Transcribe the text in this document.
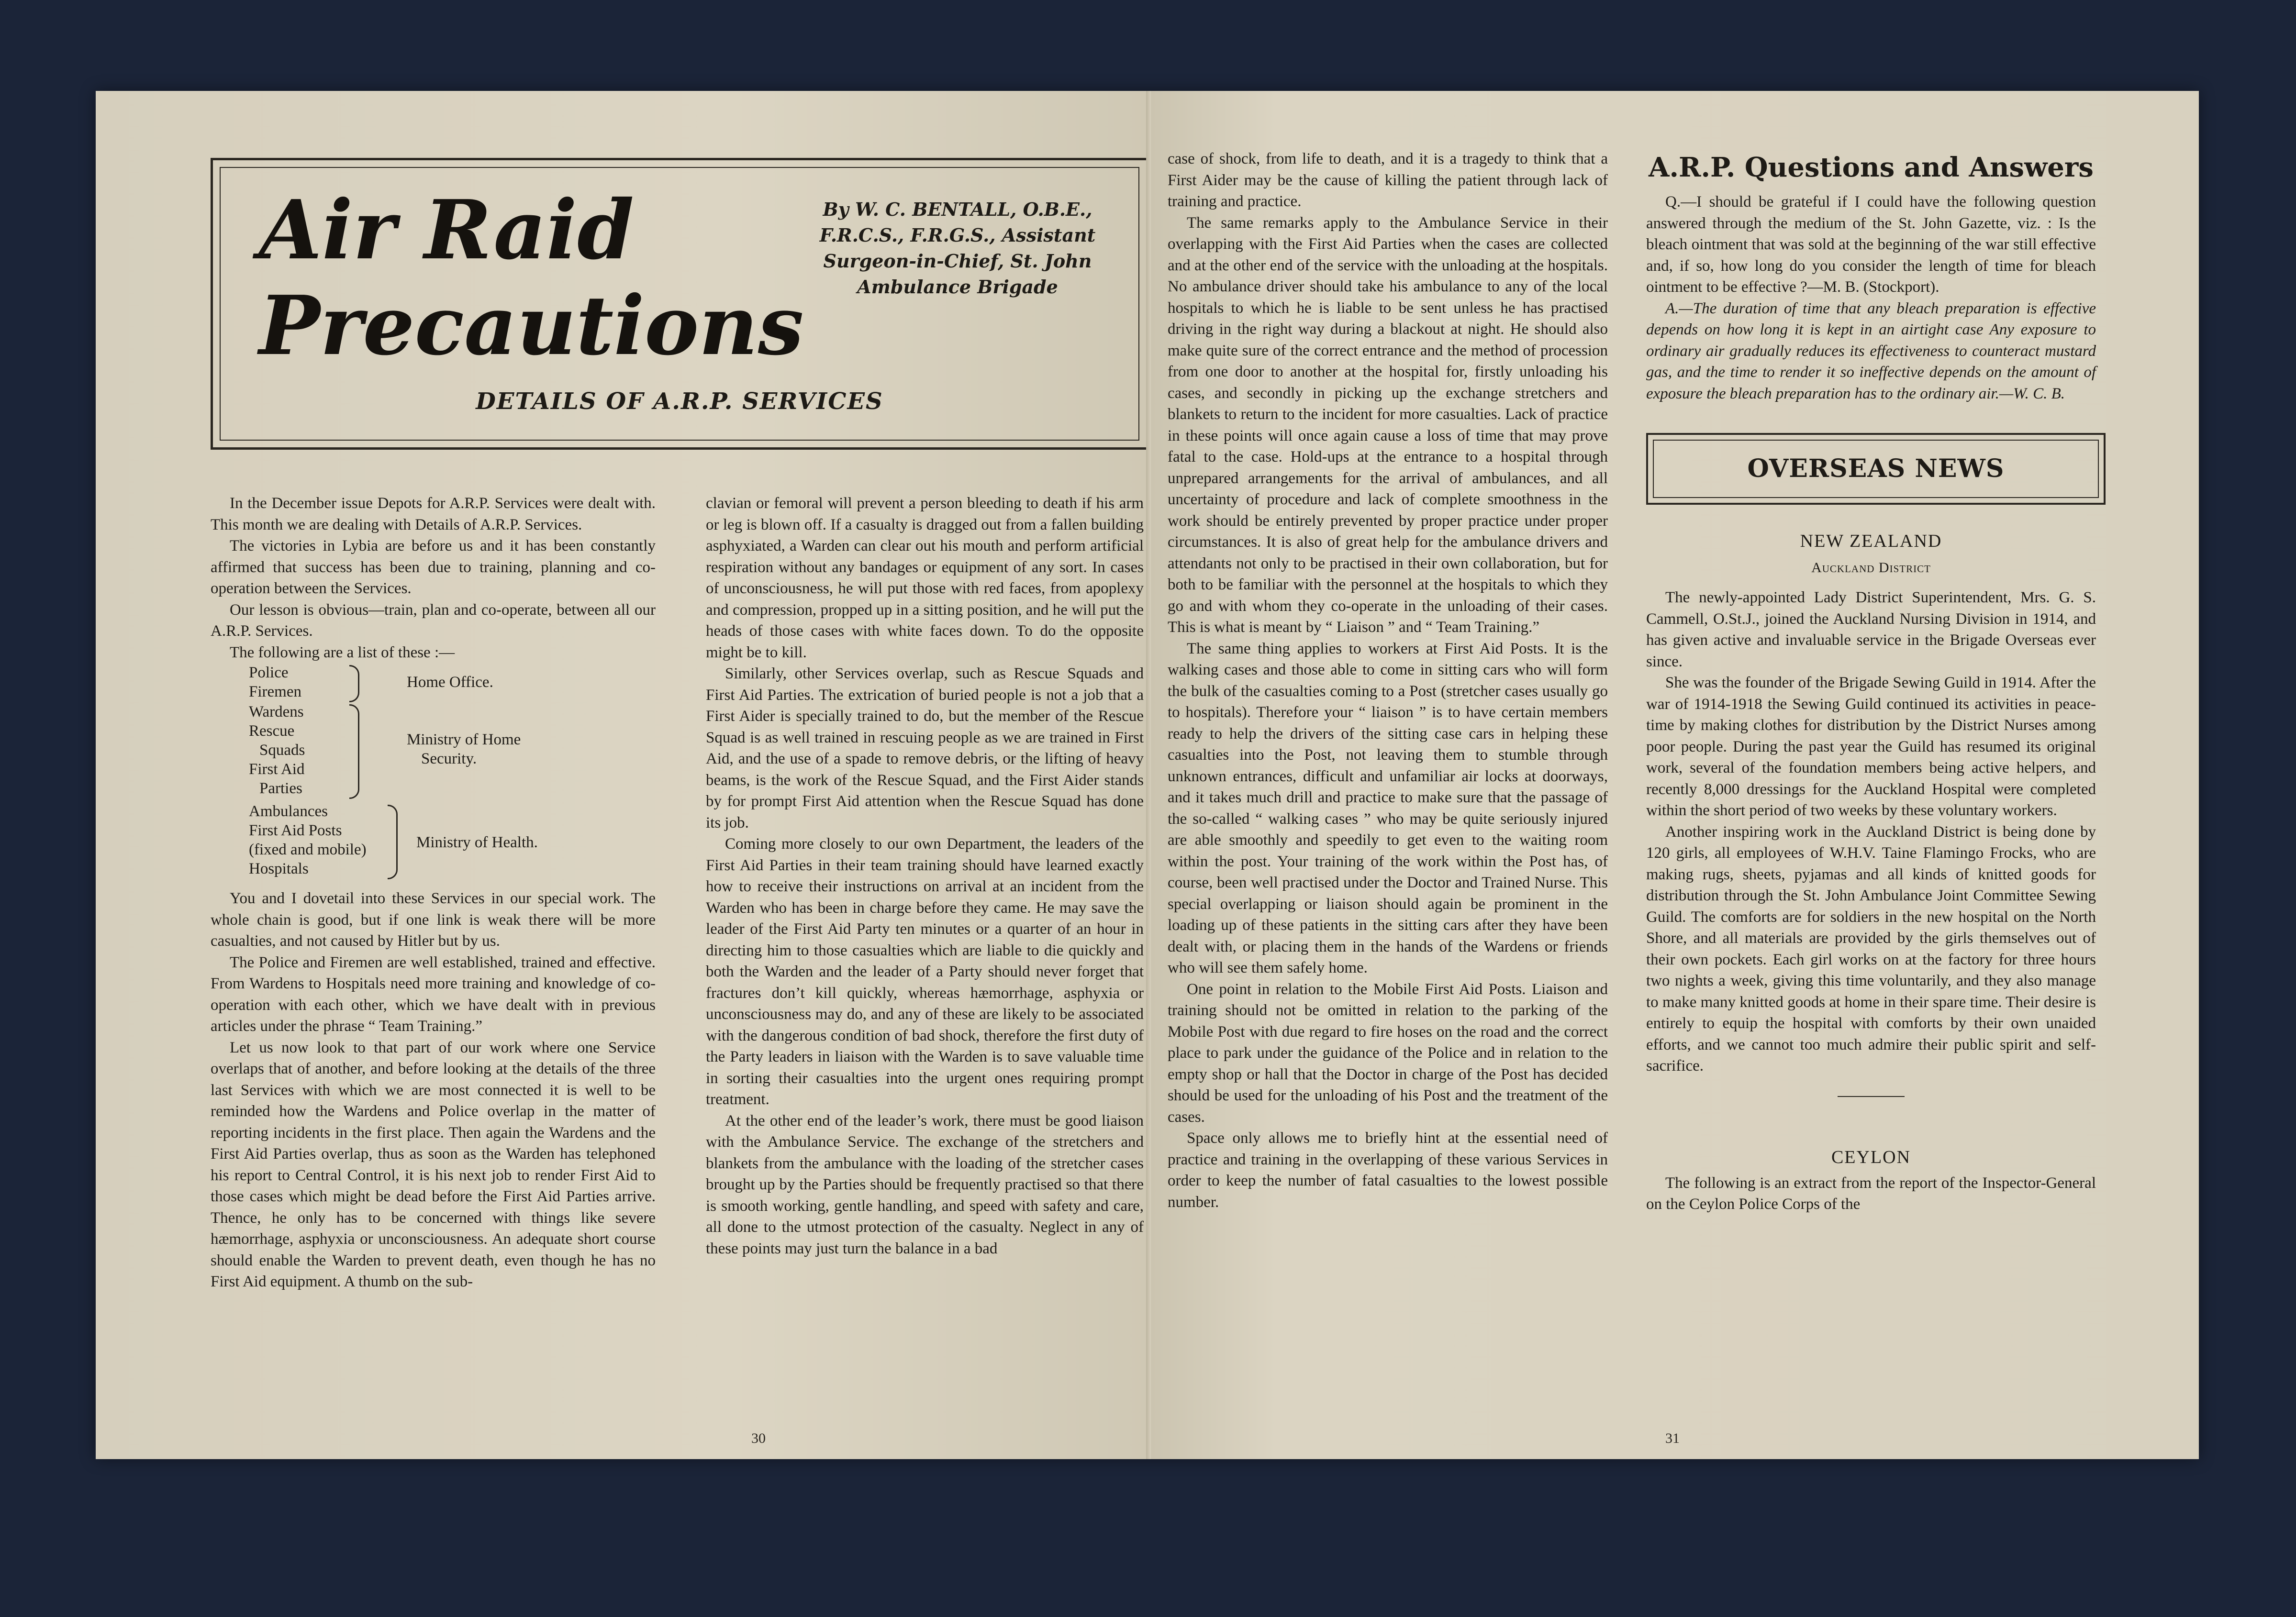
Air Raid
Precautions

By W. C. BENTALL, O.B.E., F.R.C.S., F.R.G.S., Assistant Surgeon-in-Chief, St. John Ambulance Brigade

DETAILS OF A.R.P. SERVICES

In the December issue Depots for A.R.P. Services were dealt with. This month we are dealing with Details of A.R.P. Services.

The victories in Lybia are before us and it has been constantly affirmed that success has been due to training, planning and co-operation between the Services.

Our lesson is obvious—train, plan and co-operate, between all our A.R.P. Services.

The following are a list of these :—

Police
Firemen
Home Office.
Wardens
Rescue
Squads
First Aid
Parties
Ministry of Home
Security.
Ambulances
First Aid Posts
(fixed and mobile)
Hospitals
Ministry of Health.

You and I dovetail into these Services in our special work. The whole chain is good, but if one link is weak there will be more casualties, and not caused by Hitler but by us.

The Police and Firemen are well established, trained and effective. From Wardens to Hospitals need more training and knowledge of co-operation with each other, which we have dealt with in previous articles under the phrase “ Team Training.”

Let us now look to that part of our work where one Service overlaps that of another, and before looking at the details of the three last Services with which we are most connected it is well to be reminded how the Wardens and Police overlap in the matter of reporting incidents in the first place. Then again the Wardens and the First Aid Parties overlap, thus as soon as the Warden has telephoned his report to Central Control, it is his next job to render First Aid to those cases which might be dead before the First Aid Parties arrive. Thence, he only has to be concerned with things like severe hæmorrhage, asphyxia or unconsciousness. An adequate short course should enable the Warden to prevent death, even though he has no First Aid equipment. A thumb on the sub-

clavian or femoral will prevent a person bleeding to death if his arm or leg is blown off. If a casualty is dragged out from a fallen building asphyxiated, a Warden can clear out his mouth and perform artificial respiration without any bandages or equipment of any sort. In cases of unconsciousness, he will put those with red faces, from apoplexy and compression, propped up in a sitting position, and he will put the heads of those cases with white faces down. To do the opposite might be to kill.

Similarly, other Services overlap, such as Rescue Squads and First Aid Parties. The extrication of buried people is not a job that a First Aider is specially trained to do, but the member of the Rescue Squad is as well trained in rescuing people as we are trained in First Aid, and the use of a spade to remove debris, or the lifting of heavy beams, is the work of the Rescue Squad, and the First Aider stands by for prompt First Aid attention when the Rescue Squad has done its job.

Coming more closely to our own Department, the leaders of the First Aid Parties in their team training should have learned exactly how to receive their instructions on arrival at an incident from the Warden who has been in charge before they came. He may save the leader of the First Aid Party ten minutes or a quarter of an hour in directing him to those casualties which are liable to die quickly and both the Warden and the leader of a Party should never forget that fractures don’t kill quickly, whereas hæmorrhage, asphyxia or unconsciousness may do, and any of these are likely to be associated with the dangerous condition of bad shock, therefore the first duty of the Party leaders in liaison with the Warden is to save valuable time in sorting their casualties into the urgent ones requiring prompt treatment.

At the other end of the leader’s work, there must be good liaison with the Ambulance Service. The exchange of the stretchers and blankets from the ambulance with the loading of the stretcher cases brought up by the Parties should be frequently practised so that there is smooth working, gentle handling, and speed with safety and care, all done to the utmost protection of the casualty. Neglect in any of these points may just turn the balance in a bad

30

case of shock, from life to death, and it is a tragedy to think that a First Aider may be the cause of killing the patient through lack of training and practice.

The same remarks apply to the Ambulance Service in their overlapping with the First Aid Parties when the cases are collected and at the other end of the service with the unloading at the hospitals. No ambulance driver should take his ambulance to any of the local hospitals to which he is liable to be sent unless he has practised driving in the right way during a blackout at night. He should also make quite sure of the correct entrance and the method of procession from one door to another at the hospital for, firstly unloading his cases, and secondly in picking up the exchange stretchers and blankets to return to the incident for more casualties. Lack of practice in these points will once again cause a loss of time that may prove fatal to the case. Hold-ups at the entrance to a hospital through unprepared arrangements for the arrival of ambulances, and all uncertainty of procedure and lack of complete smoothness in the work should be entirely prevented by proper practice under proper circumstances. It is also of great help for the ambulance drivers and attendants not only to be practised in their own collaboration, but for both to be familiar with the personnel at the hospitals to which they go and with whom they co-operate in the unloading of their cases. This is what is meant by “ Liaison ” and “ Team Training.”

The same thing applies to workers at First Aid Posts. It is the walking cases and those able to come in sitting cars who will form the bulk of the casualties coming to a Post (stretcher cases usually go to hospitals). Therefore your “ liaison ” is to have certain members ready to help the drivers of the sitting case cars in helping these casualties into the Post, not leaving them to stumble through unknown entrances, difficult and unfamiliar air locks at doorways, and it takes much drill and practice to make sure that the passage of the so-called “ walking cases ” who may be quite seriously injured are able smoothly and speedily to get even to the waiting room within the post. Your training of the work within the Post has, of course, been well practised under the Doctor and Trained Nurse. This special overlapping or liaison should again be prominent in the loading up of these patients in the sitting cars after they have been dealt with, or placing them in the hands of the Wardens or friends who will see them safely home.

One point in relation to the Mobile First Aid Posts. Liaison and training should not be omitted in relation to the parking of the Mobile Post with due regard to fire hoses on the road and the correct place to park under the guidance of the Police and in relation to the empty shop or hall that the Doctor in charge of the Post has decided should be used for the unloading of his Post and the treatment of the cases.

Space only allows me to briefly hint at the essential need of practice and training in the overlapping of these various Services in order to keep the number of fatal casualties to the lowest possible number.

A.R.P. Questions and Answers

Q.—I should be grateful if I could have the following question answered through the medium of the St. John Gazette, viz. : Is the bleach ointment that was sold at the beginning of the war still effective and, if so, how long do you consider the length of time for bleach ointment to be effective ?—M. B. (Stockport).

A.—The duration of time that any bleach preparation is effective depends on how long it is kept in an airtight case Any exposure to ordinary air gradually reduces its effectiveness to counteract mustard gas, and the time to render it so ineffective depends on the amount of exposure the bleach preparation has to the ordinary air.—W. C. B.

OVERSEAS NEWS
NEW ZEALAND
Auckland District

The newly-appointed Lady District Superintendent, Mrs. G. S. Cammell, O.St.J., joined the Auckland Nursing Division in 1914, and has given active and invaluable service in the Brigade Overseas ever since.

She was the founder of the Brigade Sewing Guild in 1914. After the war of 1914-1918 the Sewing Guild continued its activities in peace-time by making clothes for distribution by the District Nurses among poor people. During the past year the Guild has resumed its original work, several of the foundation members being active helpers, and recently 8,000 dressings for the Auckland Hospital were completed within the short period of two weeks by these voluntary workers.

Another inspiring work in the Auckland District is being done by 120 girls, all employees of W.H.V. Taine Flamingo Frocks, who are making rugs, sheets, pyjamas and all kinds of knitted goods for distribution through the St. John Ambulance Joint Committee Sewing Guild. The comforts are for soldiers in the new hospital on the North Shore, and all materials are provided by the girls themselves out of their own pockets. Each girl works on at the factory for three hours two nights a week, giving this time voluntarily, and they also manage to make many knitted goods at home in their spare time. Their desire is entirely to equip the hospital with comforts by their own unaided efforts, and we cannot too much admire their public spirit and self-sacrifice.

CEYLON

The following is an extract from the report of the Inspector-General on the Ceylon Police Corps of the

31
